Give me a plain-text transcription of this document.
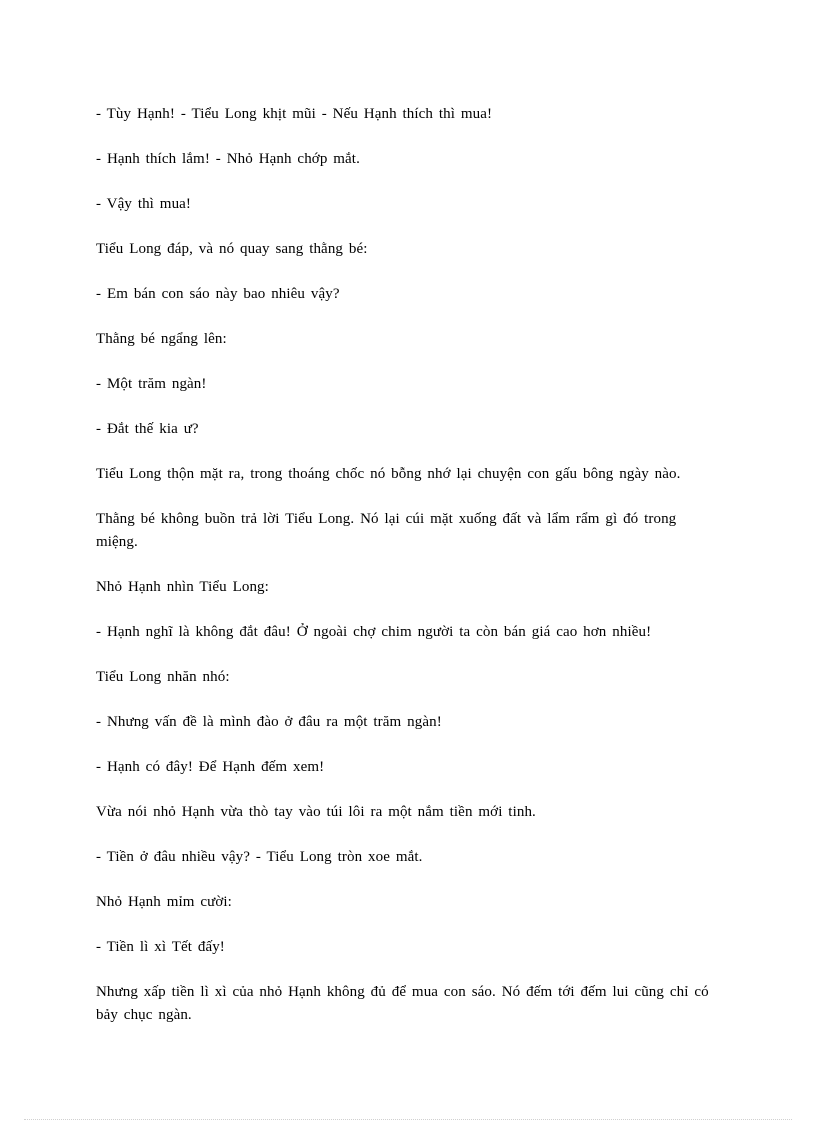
- Tùy Hạnh! - Tiểu Long khịt mũi - Nếu Hạnh thích thì mua!

- Hạnh thích lắm! - Nhỏ Hạnh chớp mắt.

- Vậy thì mua!

Tiểu Long đáp, và nó quay sang thằng bé:

- Em bán con sáo này bao nhiêu vậy?

Thằng bé ngẩng lên:

- Một trăm ngàn!

- Đắt thế kia ư?

Tiểu Long thộn mặt ra, trong thoáng chốc nó bỗng nhớ lại chuyện con gấu bông ngày nào.

Thằng bé không buồn trả lời Tiểu Long. Nó lại cúi mặt xuống đất và lẩm rẩm gì đó trong miệng.

Nhỏ Hạnh nhìn Tiểu Long:

- Hạnh nghĩ là không đắt đâu! Ở ngoài chợ chim người ta còn bán giá cao hơn nhiều!

Tiểu Long nhăn nhó:

- Nhưng vấn đề là mình đào ở đâu ra một trăm ngàn!

- Hạnh có đây! Để Hạnh đếm xem!

Vừa nói nhỏ Hạnh vừa thò tay vào túi lôi ra một nắm tiền mới tinh.

- Tiền ở đâu nhiều vậy? - Tiểu Long tròn xoe mắt.

Nhỏ Hạnh mỉm cười:

- Tiền lì xì Tết đấy!

Nhưng xấp tiền lì xì của nhỏ Hạnh không đủ để mua con sáo. Nó đếm tới đếm lui cũng chỉ có bảy chục ngàn.
